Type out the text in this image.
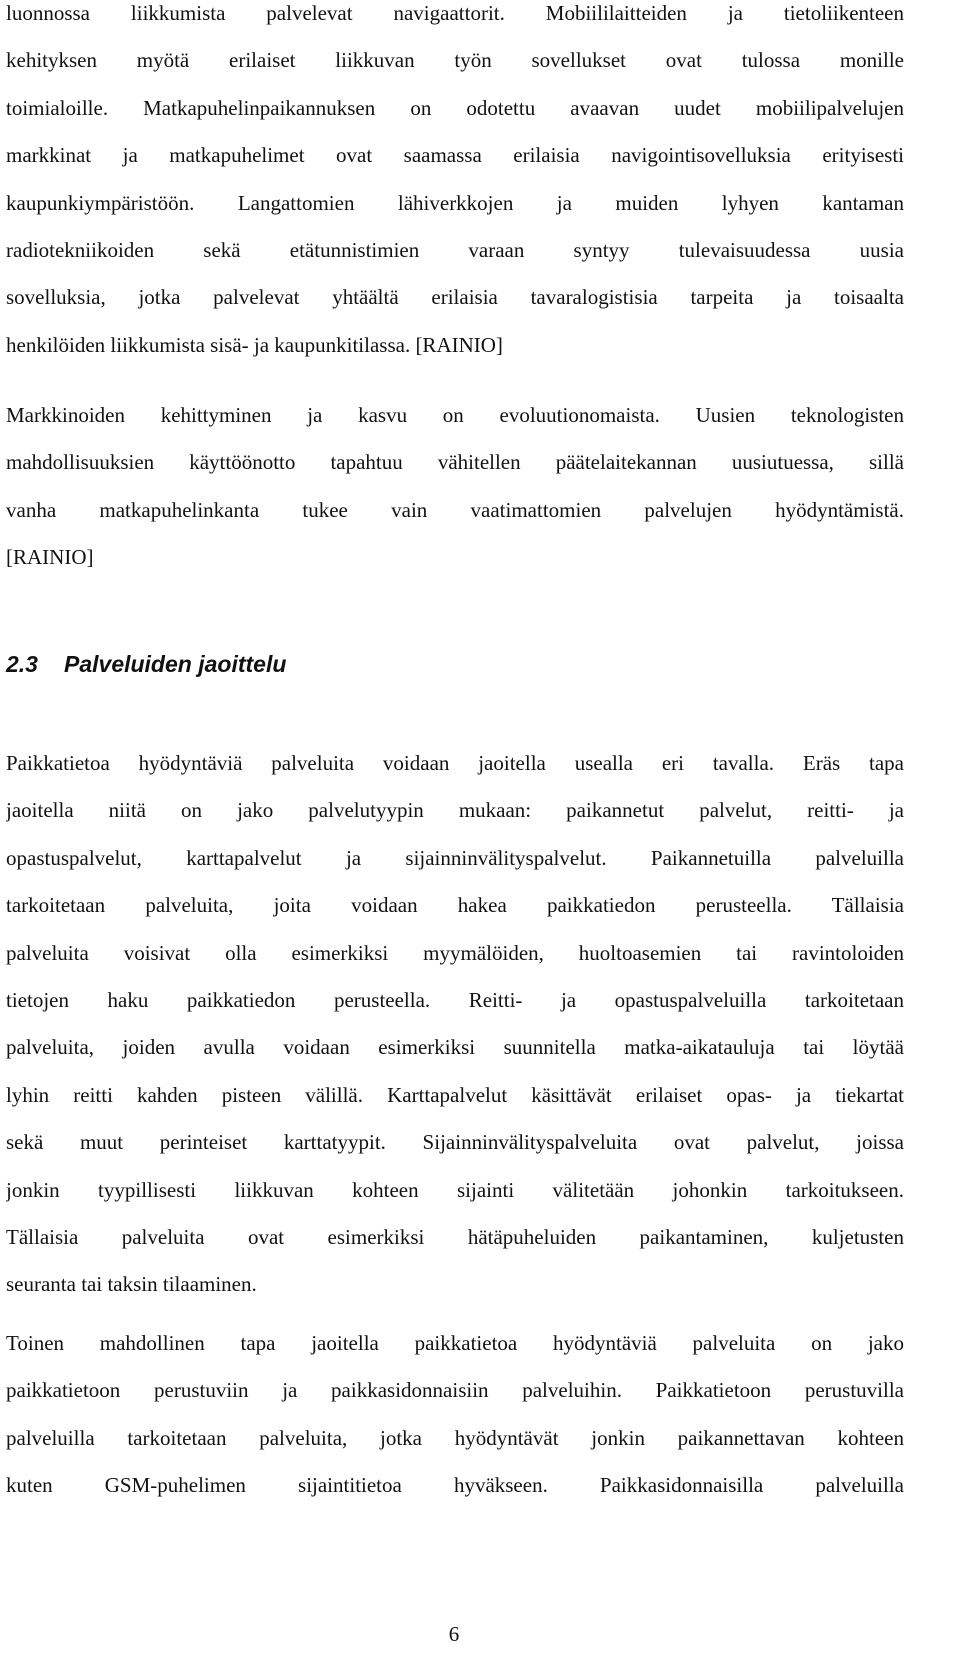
luonnossa liikkumista palvelevat navigaattorit. Mobiililaitteiden ja tietoliikenteen
kehityksen myötä erilaiset liikkuvan työn sovellukset ovat tulossa monille
toimialoille. Matkapuhelinpaikannuksen on odotettu avaavan uudet mobiilipalvelujen
markkinat ja matkapuhelimet ovat saamassa erilaisia navigointisovelluksia erityisesti
kaupunkiympäristöön. Langattomien lähiverkkojen ja muiden lyhyen kantaman
radiotekniikoiden sekä etätunnistimien varaan syntyy tulevaisuudessa uusia
sovelluksia, jotka palvelevat yhtäältä erilaisia tavaralogistisia tarpeita ja toisaalta
henkilöiden liikkumista sisä- ja kaupunkitilassa. [RAINIO]
Markkinoiden kehittyminen ja kasvu on evoluutionomaista. Uusien teknologisten
mahdollisuuksien käyttöönotto tapahtuu vähitellen päätelaitekannan uusiutuessa, sillä
vanha matkapuhelinkanta tukee vain vaatimattomien palvelujen hyödyntämistä.
[RAINIO]
2.3 Palveluiden jaoittelu
Paikkatietoa hyödyntäviä palveluita voidaan jaoitella usealla eri tavalla. Eräs tapa
jaoitella niitä on jako palvelutyypin mukaan: paikannetut palvelut, reitti- ja
opastuspalvelut, karttapalvelut ja sijainninvälityspalvelut. Paikannetuilla palveluilla
tarkoitetaan palveluita, joita voidaan hakea paikkatiedon perusteella. Tällaisia
palveluita voisivat olla esimerkiksi myymälöiden, huoltoasemien tai ravintoloiden
tietojen haku paikkatiedon perusteella. Reitti- ja opastuspalveluilla tarkoitetaan
palveluita, joiden avulla voidaan esimerkiksi suunnitella matka-aikatauluja tai löytää
lyhin reitti kahden pisteen välillä. Karttapalvelut käsittävät erilaiset opas- ja tiekartat
sekä muut perinteiset karttatyypit. Sijainninvälityspalveluita ovat palvelut, joissa
jonkin tyypillisesti liikkuvan kohteen sijainti välitetään johonkin tarkoitukseen.
Tällaisia palveluita ovat esimerkiksi hätäpuheluiden paikantaminen, kuljetusten
seuranta tai taksin tilaaminen.
Toinen mahdollinen tapa jaoitella paikkatietoa hyödyntäviä palveluita on jako
paikkatietoon perustuviin ja paikkasidonnaisiin palveluihin. Paikkatietoon perustuvilla
palveluilla tarkoitetaan palveluita, jotka hyödyntävät jonkin paikannettavan kohteen
kuten GSM-puhelimen sijaintitietoa hyväkseen. Paikkasidonnaisilla palveluilla

6
